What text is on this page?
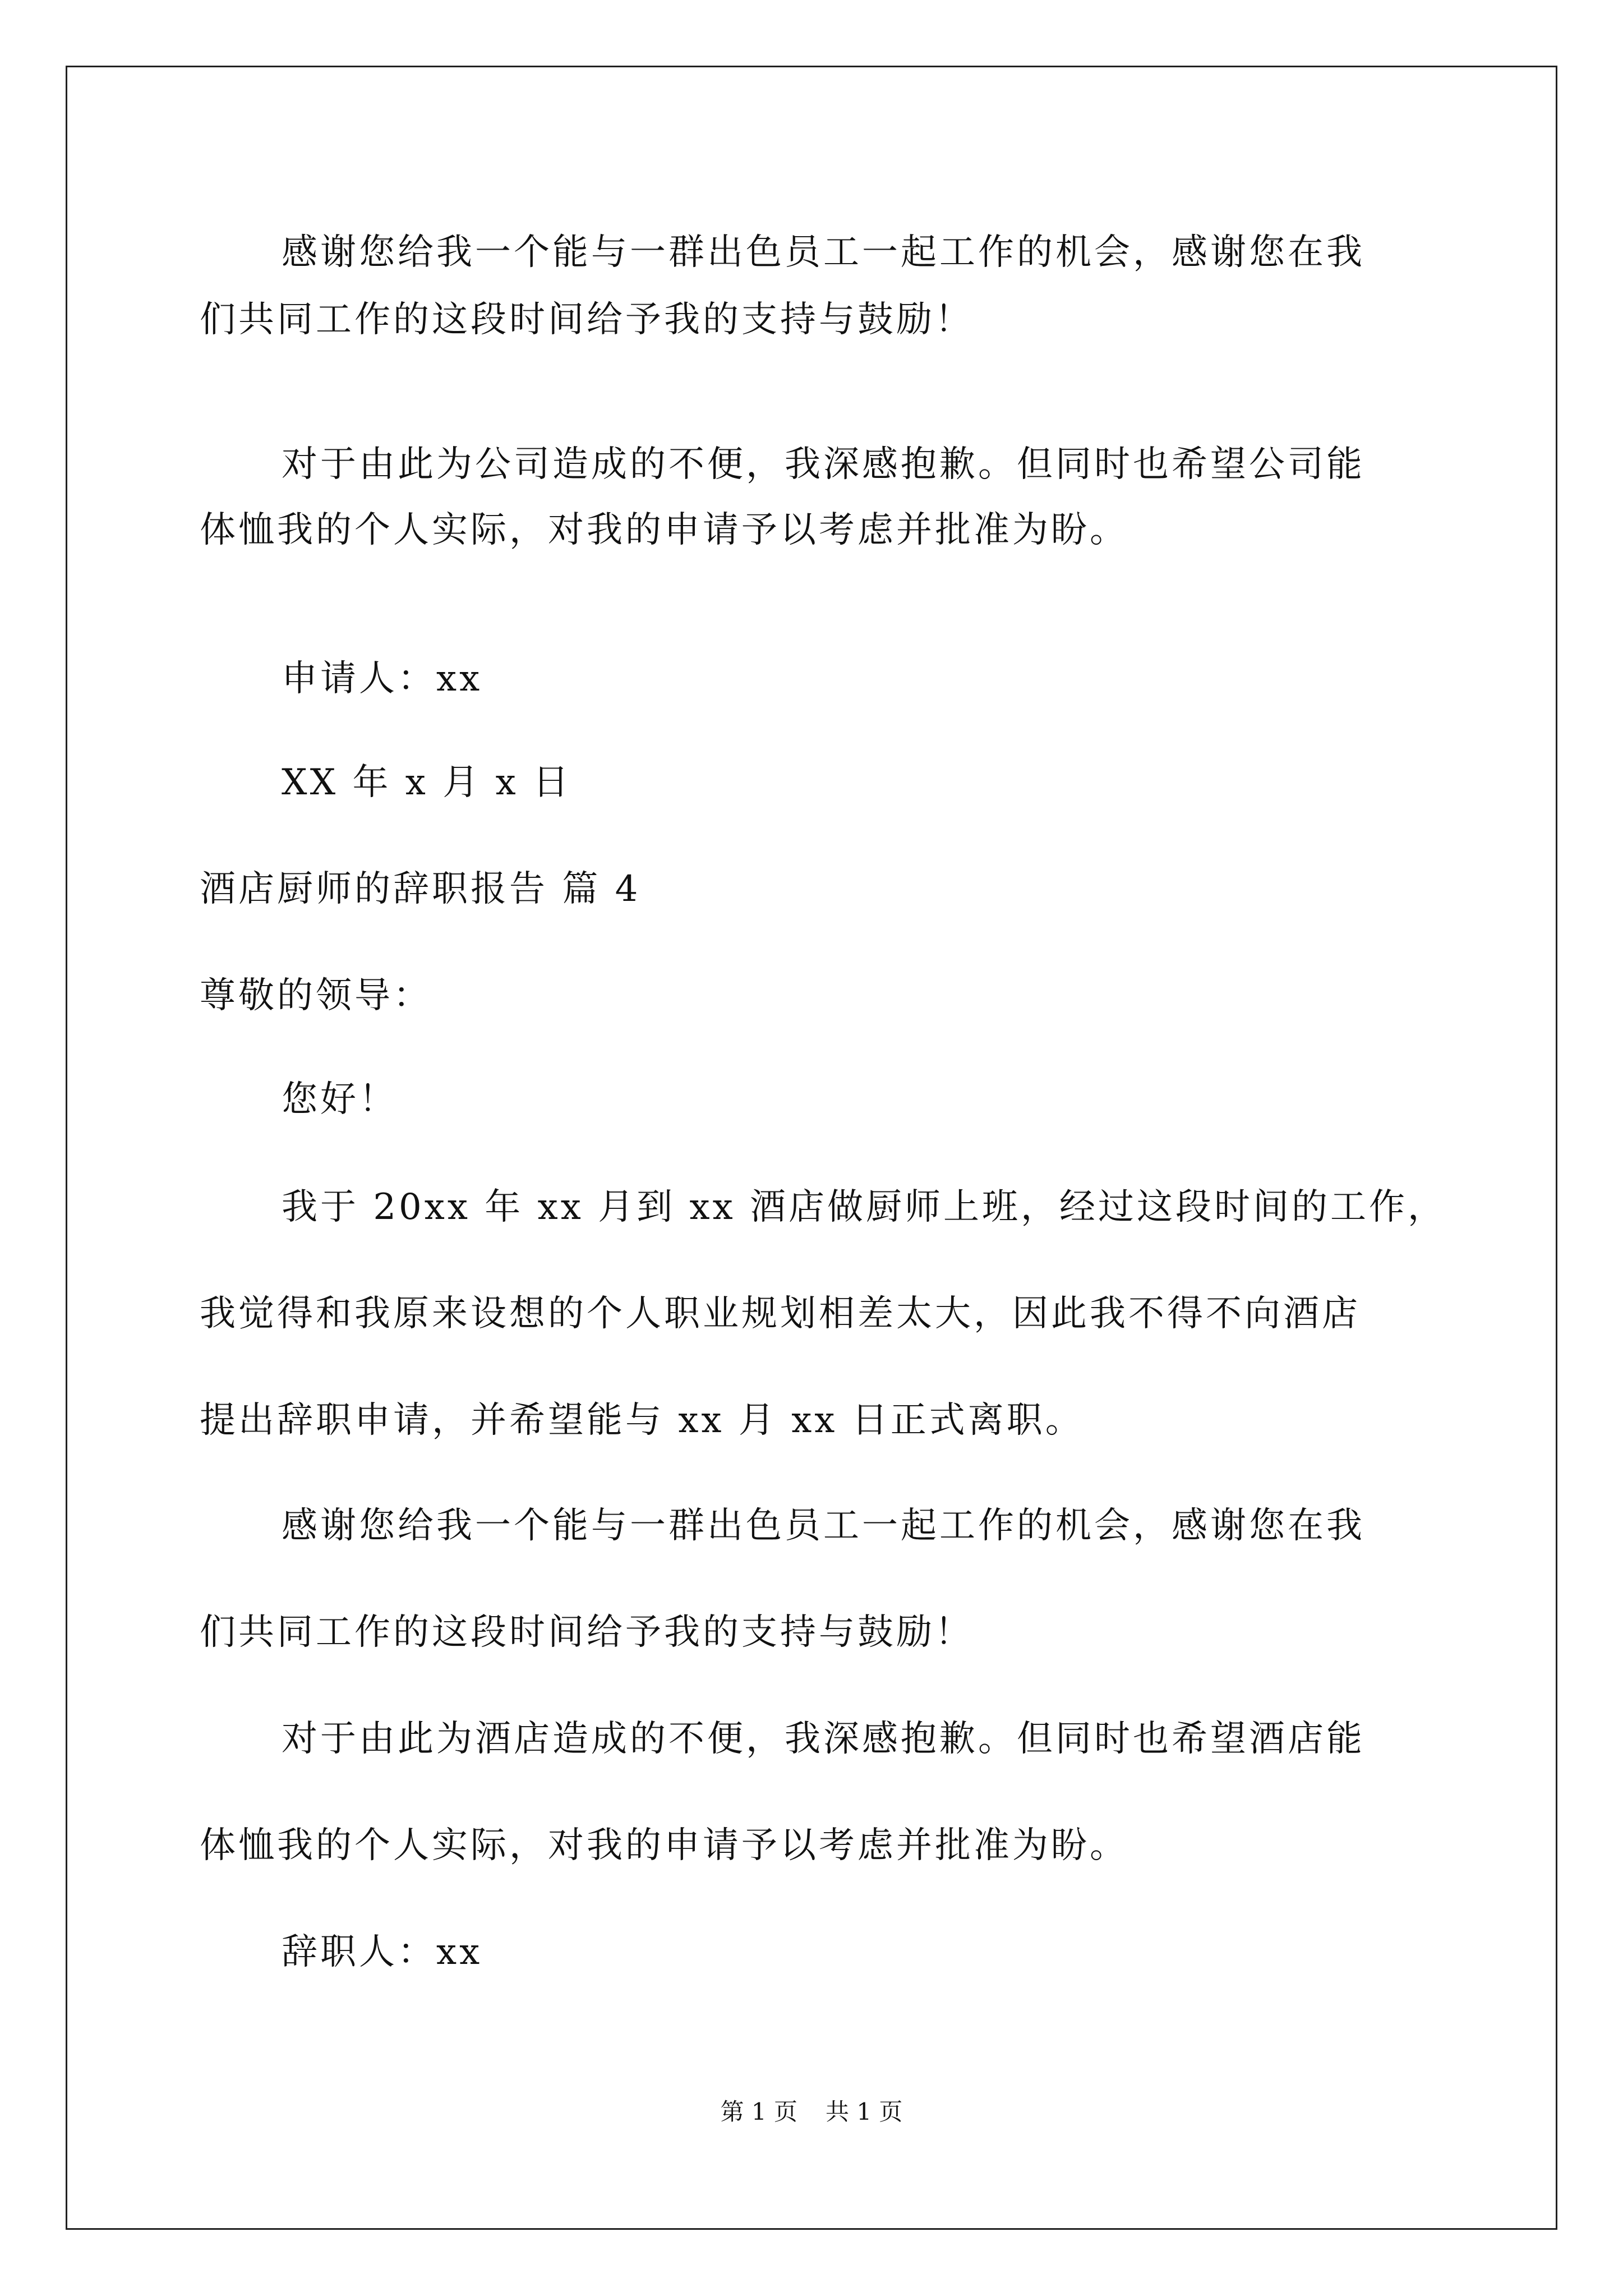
感谢您给我一个能与一群出色员工一起工作的机会，感谢您在我
们共同工作的这段时间给予我的支持与鼓励！
对于由此为公司造成的不便，我深感抱歉。但同时也希望公司能
体恤我的个人实际，对我的申请予以考虑并批准为盼。
申请人：xx
XX 年 x 月 x 日
酒店厨师的辞职报告 篇 4
尊敬的领导：
您好！
我于 20xx 年 xx 月到 xx 酒店做厨师上班，经过这段时间的工作，
我觉得和我原来设想的个人职业规划相差太大，因此我不得不向酒店
提出辞职申请，并希望能与 xx 月 xx 日正式离职。
感谢您给我一个能与一群出色员工一起工作的机会，感谢您在我
们共同工作的这段时间给予我的支持与鼓励！
对于由此为酒店造成的不便，我深感抱歉。但同时也希望酒店能
体恤我的个人实际，对我的申请予以考虑并批准为盼。
辞职人：xx
第 1 页 共 1 页
